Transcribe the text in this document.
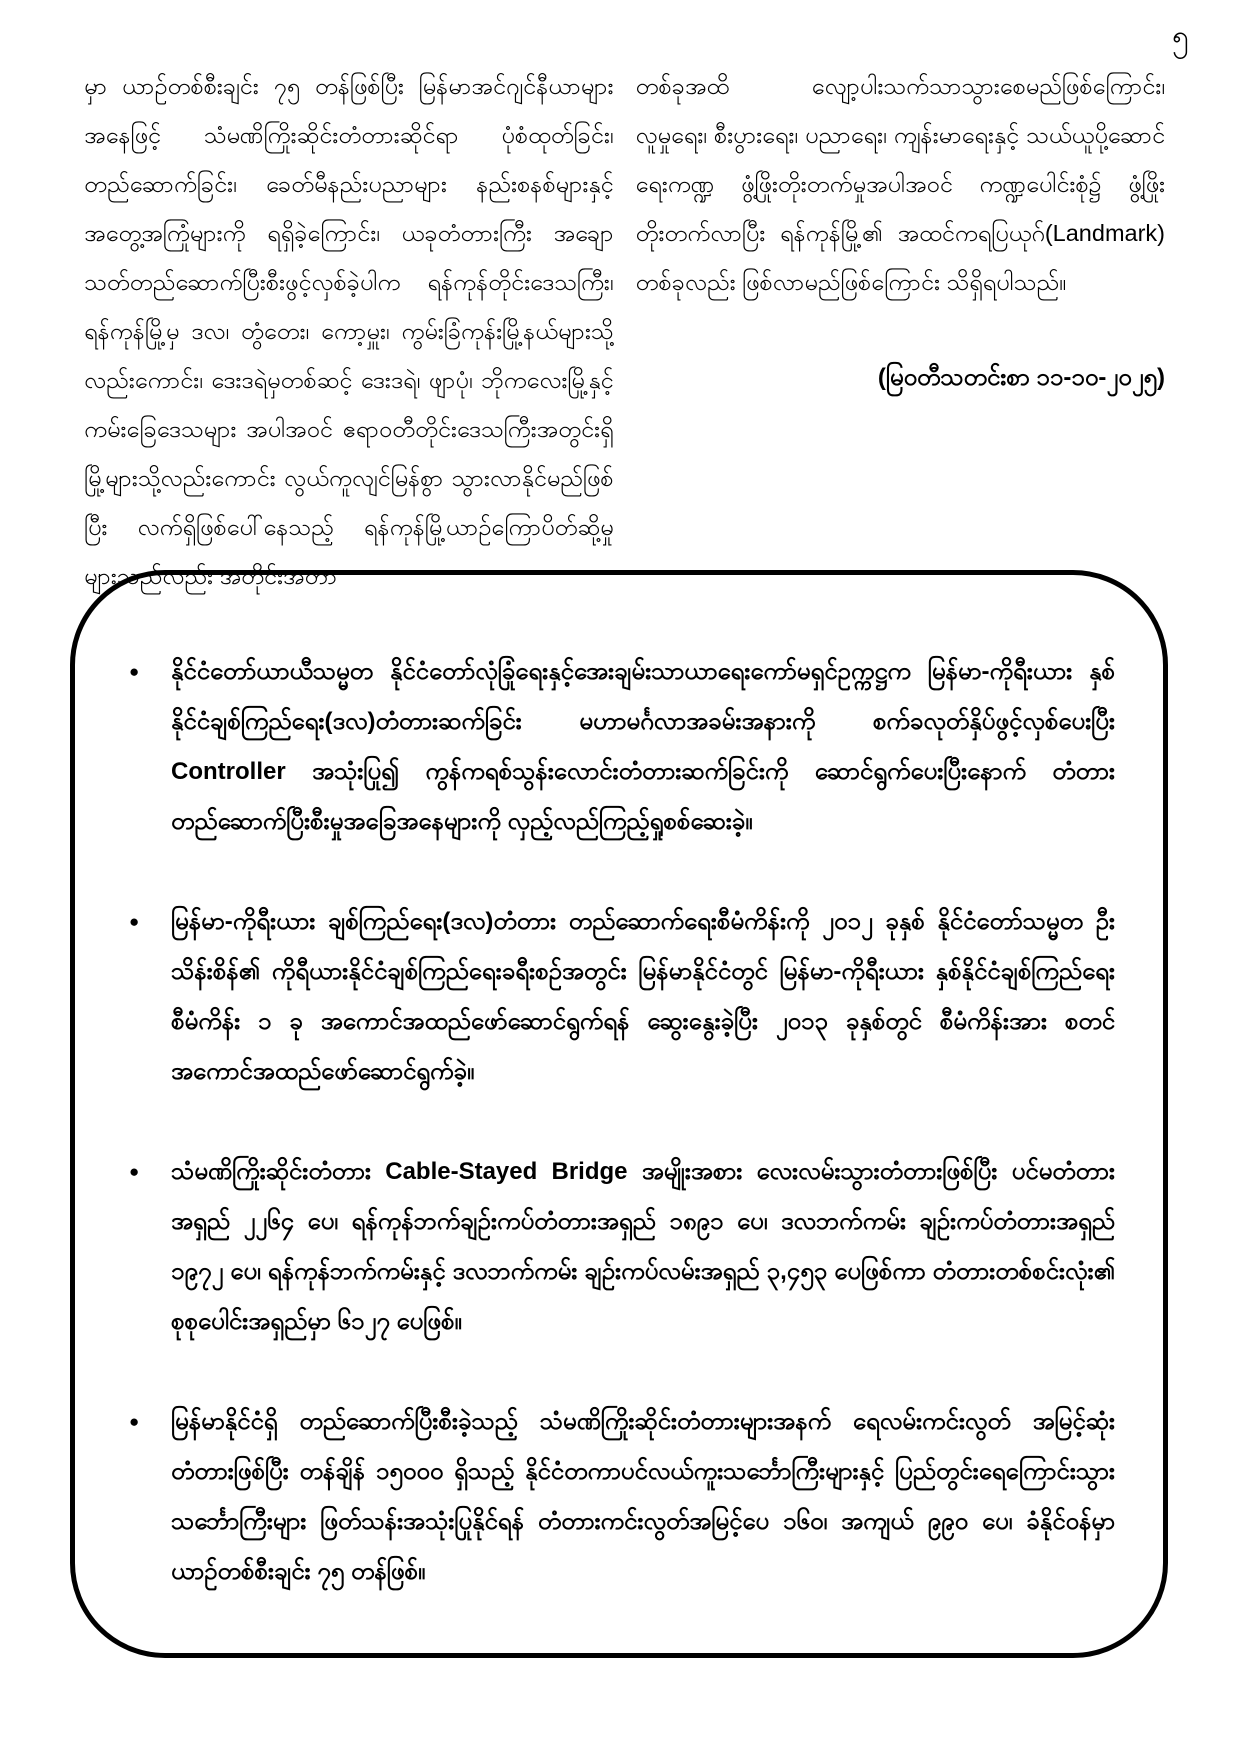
၅

မှာ ယာဉ်တစ်စီးချင်း ၇၅ တန်ဖြစ်ပြီး မြန်မာအင်ဂျင်နီယာများအနေဖြင့် သံမဏိကြိုးဆိုင်းတံတားဆိုင်ရာ ပုံစံထုတ်ခြင်း၊ တည်ဆောက်ခြင်း၊ ခေတ်မီနည်းပညာများ နည်းစနစ်များနှင့် အတွေ့အကြုံများကို ရရှိခဲ့ကြောင်း၊ ယခုတံတားကြီး အချောသတ်တည်ဆောက်ပြီးစီးဖွင့်လှစ်ခဲ့ပါက ရန်ကုန်တိုင်းဒေသကြီး၊ ရန်ကုန်မြို့မှ ဒလ၊ တွံတေး၊ ကော့မှူး၊ ကွမ်းခြံကုန်းမြို့နယ်များသို့လည်းကောင်း၊ ဒေးဒရဲမှတစ်ဆင့် ဒေးဒရဲ၊ ဖျာပုံ၊ ဘိုကလေးမြို့နှင့် ကမ်းခြေဒေသများ အပါအဝင် ဧရာဝတီတိုင်းဒေသကြီးအတွင်းရှိ မြို့များသို့လည်းကောင်း လွယ်ကူလျင်မြန်စွာ သွားလာနိုင်မည်ဖြစ်ပြီး လက်ရှိဖြစ်ပေါ်နေသည့် ရန်ကုန်မြို့ယာဉ်ကြောပိတ်ဆို့မှုများသည်လည်း အတိုင်းအတာ

တစ်ခုအထိ လျော့ပါးသက်သာသွားစေမည်ဖြစ်ကြောင်း၊ လူမှုရေး၊ စီးပွားရေး၊ ပညာရေး၊ ကျန်းမာရေးနှင့် သယ်ယူပို့ဆောင်ရေးကဏ္ဍ ဖွံ့ဖြိုးတိုးတက်မှုအပါအဝင် ကဏ္ဍပေါင်းစုံ၌ ဖွံ့ဖြိုးတိုးတက်လာပြီး ရန်ကုန်မြို့၏ အထင်ကရပြယုဂ်(Landmark) တစ်ခုလည်း ဖြစ်လာမည်ဖြစ်ကြောင်း သိရှိရပါသည်။

(မြဝတီသတင်းစာ ၁၁-၁၀-၂၀၂၅)
●	နိုင်ငံတော်ယာယီသမ္မတ နိုင်ငံတော်လုံခြုံရေးနှင့်အေးချမ်းသာယာရေးကော်မရှင်ဥက္ကဋ္ဌက မြန်မာ-ကိုရီးယား နှစ်နိုင်ငံချစ်ကြည်ရေး(ဒလ)တံတားဆက်ခြင်း မဟာမင်္ဂလာအခမ်းအနားကို စက်ခလုတ်နှိပ်ဖွင့်လှစ်ပေးပြီး Controller အသုံးပြု၍ ကွန်ကရစ်သွန်းလောင်းတံတားဆက်ခြင်းကို ဆောင်ရွက်ပေးပြီးနောက် တံတားတည်ဆောက်ပြီးစီးမှုအခြေအနေများကို လှည့်လည်ကြည့်ရှုစစ်ဆေးခဲ့။
●	မြန်မာ-ကိုရီးယား ချစ်ကြည်ရေး(ဒလ)တံတား တည်ဆောက်ရေးစီမံကိန်းကို ၂၀၁၂ ခုနှစ် နိုင်ငံတော်သမ္မတ ဦးသိန်းစိန်၏ ကိုရီယားနိုင်ငံချစ်ကြည်ရေးခရီးစဉ်အတွင်း မြန်မာနိုင်ငံတွင် မြန်မာ-ကိုရီးယား နှစ်နိုင်ငံချစ်ကြည်ရေးစီမံကိန်း ၁ ခု အကောင်အထည်ဖော်ဆောင်ရွက်ရန် ဆွေးနွေးခဲ့ပြီး ၂၀၁၃ ခုနှစ်တွင် စီမံကိန်းအား စတင်အကောင်အထည်ဖော်ဆောင်ရွက်ခဲ့။
●	သံမဏိကြိုးဆိုင်းတံတား Cable-Stayed Bridge အမျိုးအစား လေးလမ်းသွားတံတားဖြစ်ပြီး ပင်မတံတားအရှည် ၂၂၆၄ ပေ၊ ရန်ကုန်ဘက်ချဉ်းကပ်တံတားအရှည် ၁၈၉၁ ပေ၊ ဒလဘက်ကမ်း ချဉ်းကပ်တံတားအရှည် ၁၉၇၂ ပေ၊ ရန်ကုန်ဘက်ကမ်းနှင့် ဒလဘက်ကမ်း ချဉ်းကပ်လမ်းအရှည် ၃,၄၅၃ ပေဖြစ်ကာ တံတားတစ်စင်းလုံး၏ စုစုပေါင်းအရှည်မှာ ၆၁၂၇ ပေဖြစ်။
●	မြန်မာနိုင်ငံရှိ တည်ဆောက်ပြီးစီးခဲ့သည့် သံမဏိကြိုးဆိုင်းတံတားများအနက် ရေလမ်းကင်းလွတ် အမြင့်ဆုံးတံတားဖြစ်ပြီး တန်ချိန် ၁၅၀၀၀ ရှိသည့် နိုင်ငံတကာပင်လယ်ကူးသင်္ဘောကြီးများနှင့် ပြည်တွင်းရေကြောင်းသွားသင်္ဘောကြီးများ ဖြတ်သန်းအသုံးပြုနိုင်ရန် တံတားကင်းလွတ်အမြင့်ပေ ၁၆၀၊ အကျယ် ၉၉၀ ပေ၊ ခံနိုင်ဝန်မှာ ယာဉ်တစ်စီးချင်း ၇၅ တန်ဖြစ်။
